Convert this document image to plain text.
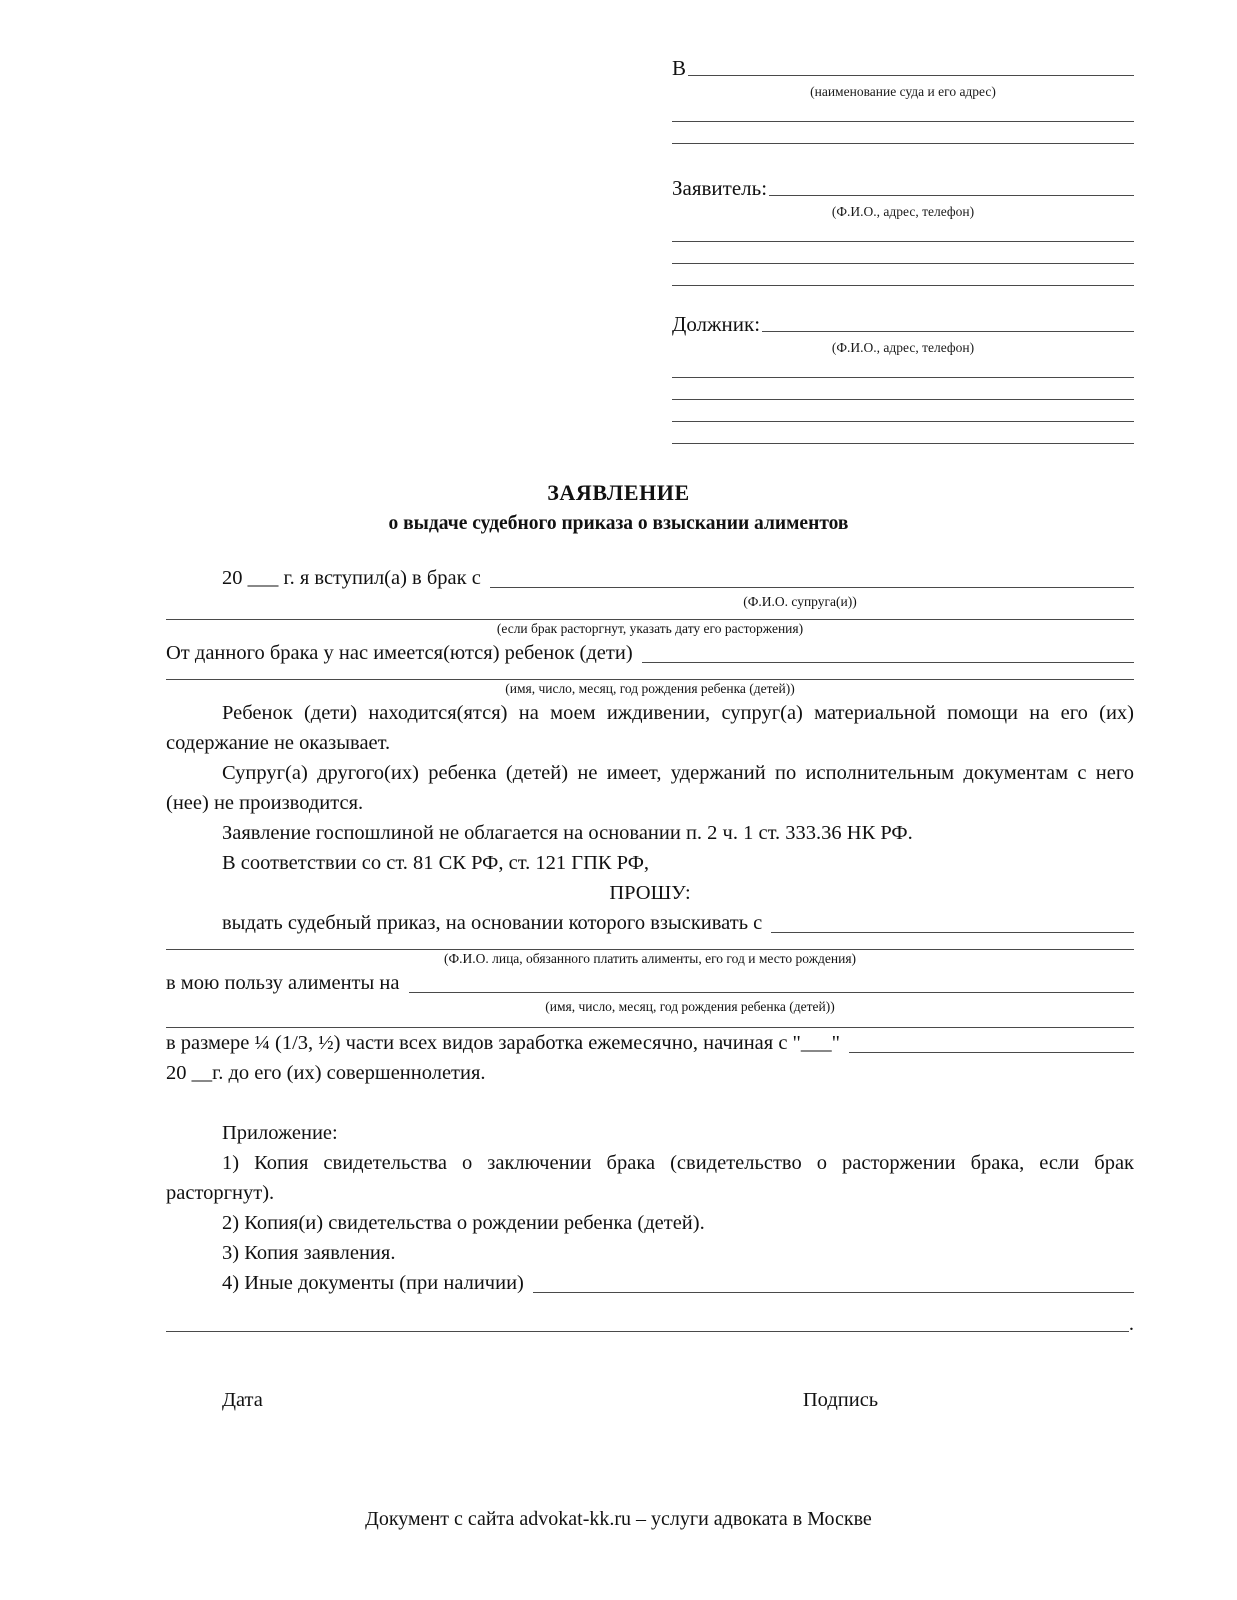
В
(наименование суда и его адрес)
Заявитель:
(Ф.И.О., адрес, телефон)
Должник:
(Ф.И.О., адрес, телефон)
ЗАЯВЛЕНИЕ
о выдаче судебного приказа о взыскании алиментов
20 ___ г. я вступил(а) в брак с
(Ф.И.О. супруга(и))
(если брак расторгнут, указать дату его расторжения)
От данного брака у нас имеется(ются) ребенок (дети)
(имя, число, месяц, год рождения ребенка (детей))

Ребенок (дети) находится(ятся) на моем иждивении, супруг(а) материальной помощи на его (их) содержание не оказывает.

Супруг(а) другого(их) ребенка (детей) не имеет, удержаний по исполнительным документам с него (нее) не производится.

Заявление госпошлиной не облагается на основании п. 2 ч. 1 ст. 333.36 НК РФ.

В соответствии со ст. 81 СК РФ, ст. 121 ГПК РФ,

ПРОШУ:
выдать судебный приказ, на основании которого взыскивать с
(Ф.И.О. лица, обязанного платить алименты, его год и место рождения)
в мою пользу алименты на
(имя, число, месяц, год рождения ребенка (детей))
в размере ¼ (1/3, ½) части всех видов заработка ежемесячно, начиная с "___"
20 __г. до его (их) совершеннолетия.

Приложение:

1) Копия свидетельства о заключении брака (свидетельство о расторжении брака, если брак расторгнут).

2) Копия(и) свидетельства о рождении ребенка (детей).

3) Копия заявления.

4) Иные документы (при наличии)
.
Дата	Подпись
Документ с сайта advokat-kk.ru – услуги адвоката в Москве
